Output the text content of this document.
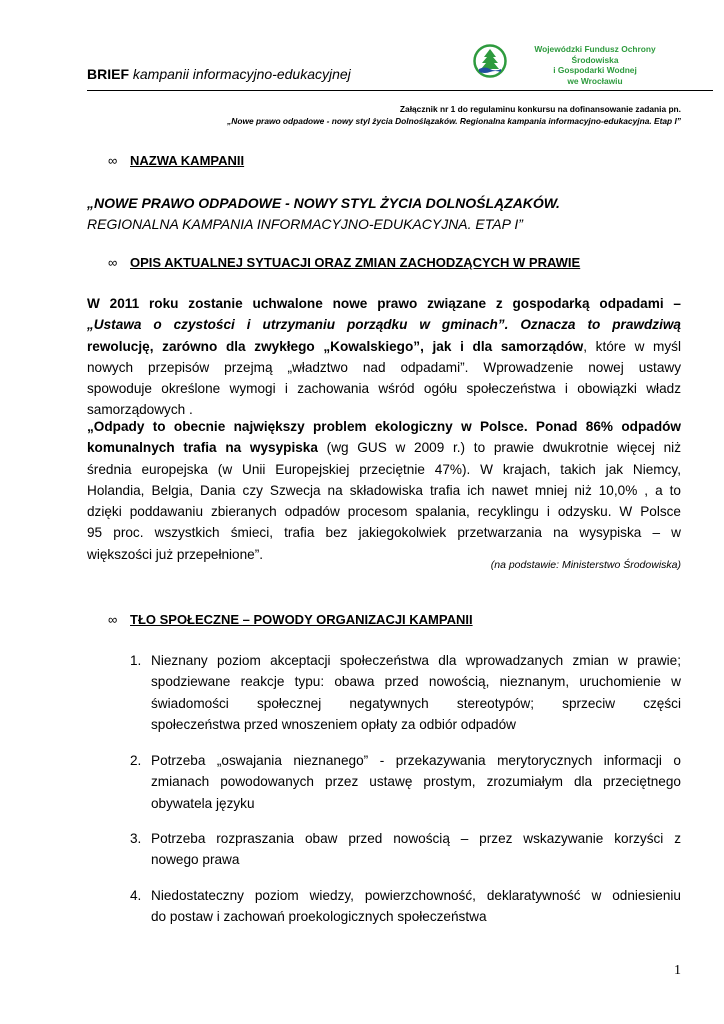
BRIEF kampanii informacyjno-edukacyjnej
Wojewódzki Fundusz Ochrony Środowiska
i Gospodarki Wodnej
we Wrocławiu
Załącznik nr 1 do regulaminu konkursu na dofinansowanie zadania pn.
„Nowe prawo odpadowe - nowy styl życia Dolnoślązaków. Regionalna kampania informacyjno-edukacyjna. Etap I”
∞ NAZWA KAMPANII
„NOWE PRAWO ODPADOWE - NOWY STYL ŻYCIA DOLNOŚLĄZAKÓW.
REGIONALNA KAMPANIA INFORMACYJNO-EDUKACYJNA. ETAP I”
∞ OPIS AKTUALNEJ SYTUACJI ORAZ ZMIAN ZACHODZĄCYCH W PRAWIE
W 2011 roku zostanie uchwalone nowe prawo związane z gospodarką odpadami –
„Ustawa o czystości i utrzymaniu porządku w gminach”. Oznacza to prawdziwą
rewolucję, zarówno dla zwykłego „Kowalskiego”, jak i dla samorządów, które w myśl
nowych przepisów przejmą „władztwo nad odpadami”. Wprowadzenie nowej ustawy
spowoduje określone wymogi i zachowania wśród ogółu społeczeństwa i obowiązki władz
samorządowych .
„Odpady to obecnie największy problem ekologiczny w Polsce. Ponad 86% odpadów
komunalnych trafia na wysypiska (wg GUS w 2009 r.) to prawie dwukrotnie więcej niż
średnia europejska (w Unii Europejskiej przeciętnie 47%). W krajach, takich jak Niemcy,
Holandia, Belgia, Dania czy Szwecja na składowiska trafia ich nawet mniej niż 10,0% , a to
dzięki poddawaniu zbieranych odpadów procesom spalania, recyklingu i odzysku. W Polsce
95 proc. wszystkich śmieci, trafia bez jakiegokolwiek przetwarzania na wysypiska – w
większości już przepełnione”.
(na podstawie: Ministerstwo Środowiska)
∞ TŁO SPOŁECZNE – POWODY ORGANIZACJI KAMPANII
1. Nieznany poziom akceptacji społeczeństwa dla wprowadzanych zmian w prawie;
spodziewane reakcje typu: obawa przed nowością, nieznanym, uruchomienie w
świadomości społecznej negatywnych stereotypów; sprzeciw części
społeczeństwa przed wnoszeniem opłaty za odbiór odpadów
2. Potrzeba „oswajania nieznanego” - przekazywania merytorycznych informacji o
zmianach powodowanych przez ustawę prostym, zrozumiałym dla przeciętnego
obywatela języku
3. Potrzeba rozpraszania obaw przed nowością – przez wskazywanie korzyści z
nowego prawa
4. Niedostateczny poziom wiedzy, powierzchowność, deklaratywność w odniesieniu
do postaw i zachowań proekologicznych społeczeństwa
1
